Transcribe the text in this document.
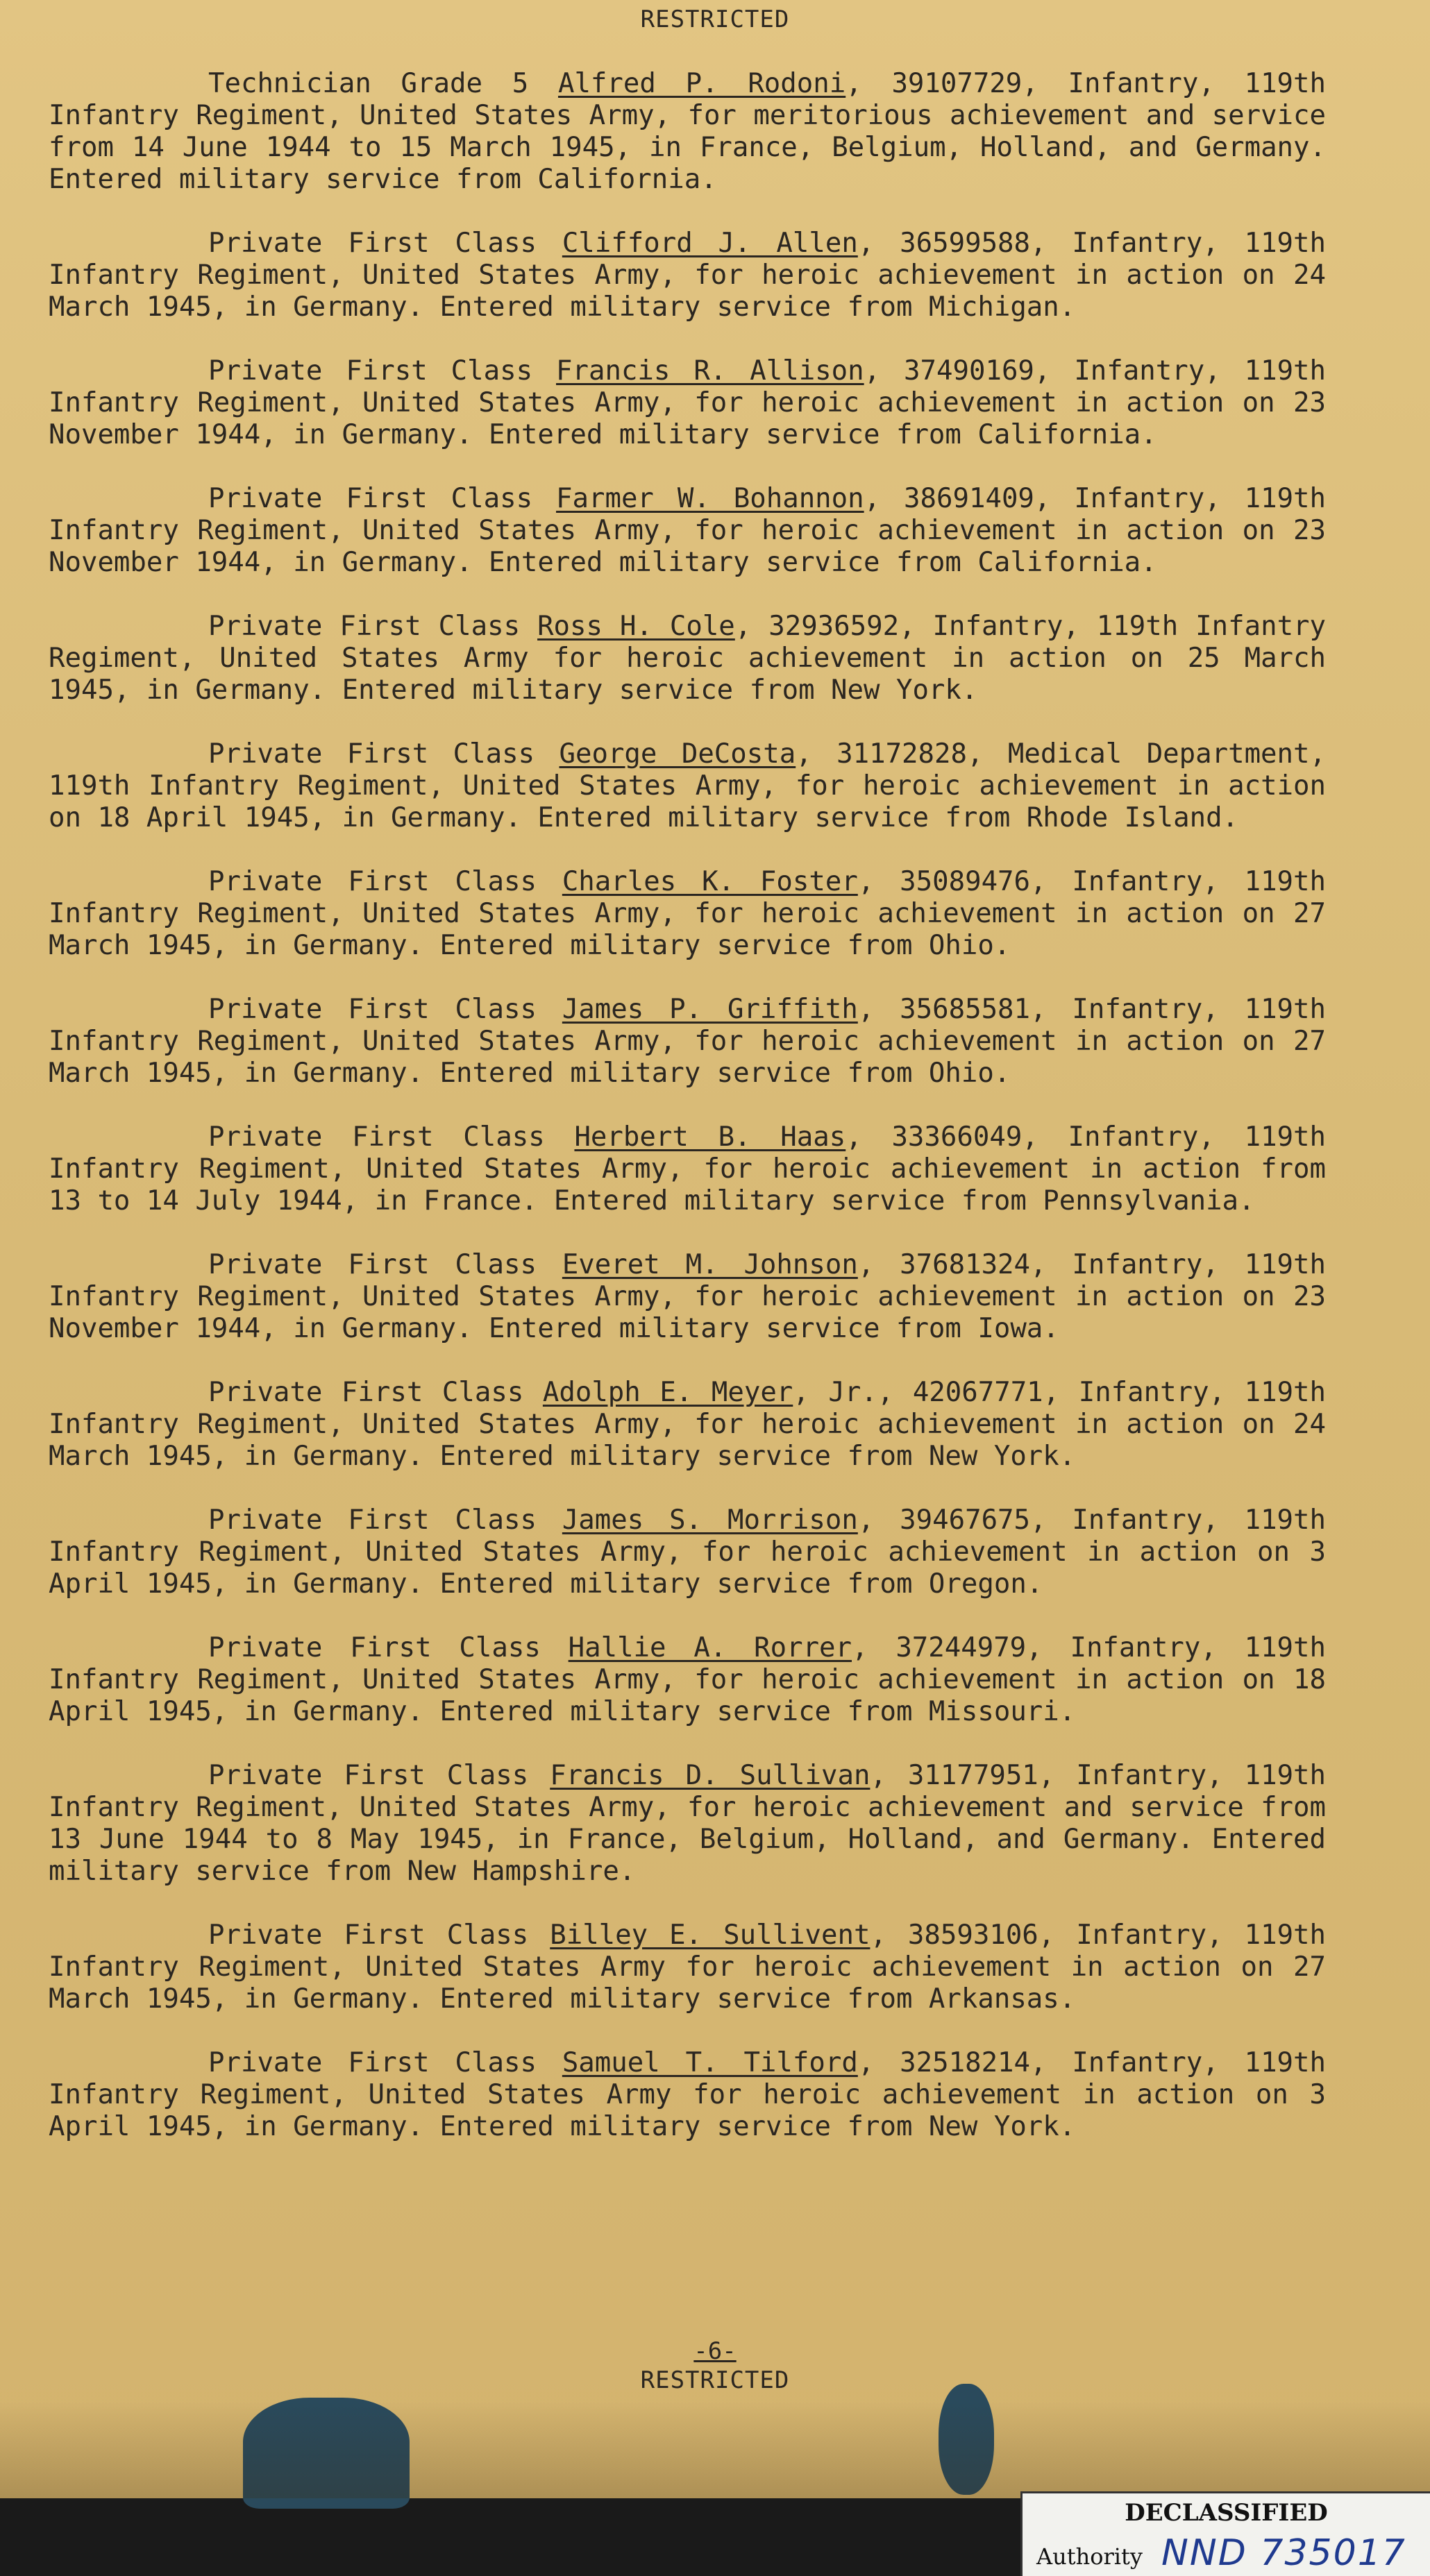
RESTRICTED

Technician Grade 5 Alfred P. Rodoni, 39107729, Infantry, 119th Infantry Regiment, United States Army, for meritorious achievement and service from 14 June 1944 to 15 March 1945, in France, Belgium, Holland, and Germany. Entered military service from California.

Private First Class Clifford J. Allen, 36599588, Infantry, 119th Infantry Regiment, United States Army, for heroic achievement in action on 24 March 1945, in Germany. Entered military service from Michigan.

Private First Class Francis R. Allison, 37490169, Infantry, 119th Infantry Regiment, United States Army, for heroic achievement in action on 23 November 1944, in Germany. Entered military service from California.

Private First Class Farmer W. Bohannon, 38691409, Infantry, 119th Infantry Regiment, United States Army, for heroic achievement in action on 23 November 1944, in Germany. Entered military service from California.

Private First Class Ross H. Cole, 32936592, Infantry, 119th Infantry Regiment, United States Army for heroic achievement in action on 25 March 1945, in Germany. Entered military service from New York.

Private First Class George DeCosta, 31172828, Medical Department, 119th Infantry Regiment, United States Army, for heroic achievement in action on 18 April 1945, in Germany. Entered military service from Rhode Island.

Private First Class Charles K. Foster, 35089476, Infantry, 119th Infantry Regiment, United States Army, for heroic achievement in action on 27 March 1945, in Germany. Entered military service from Ohio.

Private First Class James P. Griffith, 35685581, Infantry, 119th Infantry Regiment, United States Army, for heroic achievement in action on 27 March 1945, in Germany. Entered military service from Ohio.

Private First Class Herbert B. Haas, 33366049, Infantry, 119th Infantry Regiment, United States Army, for heroic achievement in action from 13 to 14 July 1944, in France. Entered military service from Pennsylvania.

Private First Class Everet M. Johnson, 37681324, Infantry, 119th Infantry Regiment, United States Army, for heroic achievement in action on 23 November 1944, in Germany. Entered military service from Iowa.

Private First Class Adolph E. Meyer, Jr., 42067771, Infantry, 119th Infantry Regiment, United States Army, for heroic achievement in action on 24 March 1945, in Germany. Entered military service from New York.

Private First Class James S. Morrison, 39467675, Infantry, 119th Infantry Regiment, United States Army, for heroic achievement in action on 3 April 1945, in Germany. Entered military service from Oregon.

Private First Class Hallie A. Rorrer, 37244979, Infantry, 119th Infantry Regiment, United States Army, for heroic achievement in action on 18 April 1945, in Germany. Entered military service from Missouri.

Private First Class Francis D. Sullivan, 31177951, Infantry, 119th Infantry Regiment, United States Army, for heroic achievement and service from 13 June 1944 to 8 May 1945, in France, Belgium, Holland, and Germany. Entered military service from New Hampshire.

Private First Class Billey E. Sullivent, 38593106, Infantry, 119th Infantry Regiment, United States Army for heroic achievement in action on 27 March 1945, in Germany. Entered military service from Arkansas.

Private First Class Samuel T. Tilford, 32518214, Infantry, 119th Infantry Regiment, United States Army for heroic achievement in action on 3 April 1945, in Germany. Entered military service from New York.

-6-
RESTRICTED
DECLASSIFIED
Authority NND 735017
